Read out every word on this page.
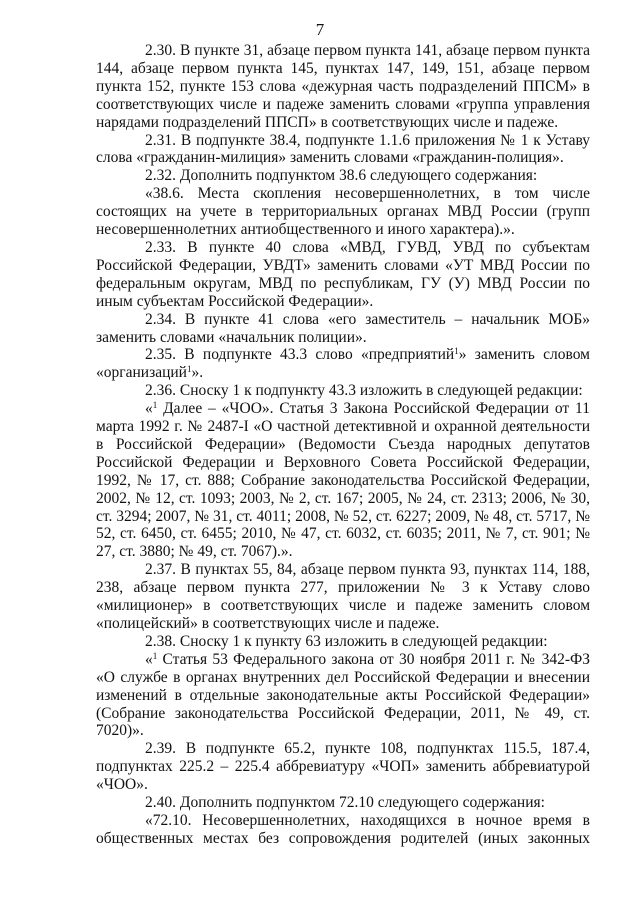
7

2.30. В пункте 31, абзаце первом пункта 141, абзаце первом пункта 144, абзаце первом пункта 145, пунктах 147, 149, 151, абзаце первом пункта 152, пункте 153 слова «дежурная часть подразделений ППСМ» в соответствующих числе и падеже заменить словами «группа управления нарядами подразделений ППСП» в соответствующих числе и падеже.

2.31. В подпункте 38.4, подпункте 1.1.6 приложения № 1 к Уставу слова «гражданин-милиция» заменить словами «гражданин-полиция».

2.32. Дополнить подпунктом 38.6 следующего содержания:

«38.6. Места скопления несовершеннолетних, в том числе состоящих на учете в территориальных органах МВД России (групп несовершеннолетних антиобщественного и иного характера).».

2.33. В пункте 40 слова «МВД, ГУВД, УВД по субъектам Российской Федерации, УВДТ» заменить словами «УТ МВД России по федеральным округам, МВД по республикам, ГУ (У) МВД России по иным субъектам Российской Федерации».

2.34. В пункте 41 слова «его заместитель – начальник МОБ» заменить словами «начальник полиции».

2.35. В подпункте 43.3 слово «предприятий$^1$» заменить словом «организаций$^1$».

2.36. Сноску 1 к подпункту 43.3 изложить в следующей редакции:

«$^1$ Далее – «ЧОО». Статья 3 Закона Российской Федерации от 11 марта 1992 г. № 2487-I «О частной детективной и охранной деятельности в Российской Федерации» (Ведомости Съезда народных депутатов Российской Федерации и Верховного Совета Российской Федерации, 1992, № 17, ст. 888; Собрание законодательства Российской Федерации, 2002, № 12, ст. 1093; 2003, № 2, ст. 167; 2005, № 24, ст. 2313; 2006, № 30, ст. 3294; 2007, № 31, ст. 4011; 2008, № 52, ст. 6227; 2009, № 48, ст. 5717, № 52, ст. 6450, ст. 6455; 2010, № 47, ст. 6032, ст. 6035; 2011, № 7, ст. 901; № 27, ст. 3880; № 49, ст. 7067).».

2.37. В пунктах 55, 84, абзаце первом пункта 93, пунктах 114, 188, 238, абзаце первом пункта 277, приложении № 3 к Уставу слово «милиционер» в соответствующих числе и падеже заменить словом «полицейский» в соответствующих числе и падеже.

2.38. Сноску 1 к пункту 63 изложить в следующей редакции:

«$^1$ Статья 53 Федерального закона от 30 ноября 2011 г. № 342-ФЗ «О службе в органах внутренних дел Российской Федерации и внесении изменений в отдельные законодательные акты Российской Федерации» (Собрание законодательства Российской Федерации, 2011, № 49, ст. 7020)».

2.39. В подпункте 65.2, пункте 108, подпунктах 115.5, 187.4, подпунктах 225.2 – 225.4 аббревиатуру «ЧОП» заменить аббревиатурой «ЧОО».

2.40. Дополнить подпунктом 72.10 следующего содержания:

«72.10. Несовершеннолетних, находящихся в ночное время в общественных местах без сопровождения родителей (иных законных
